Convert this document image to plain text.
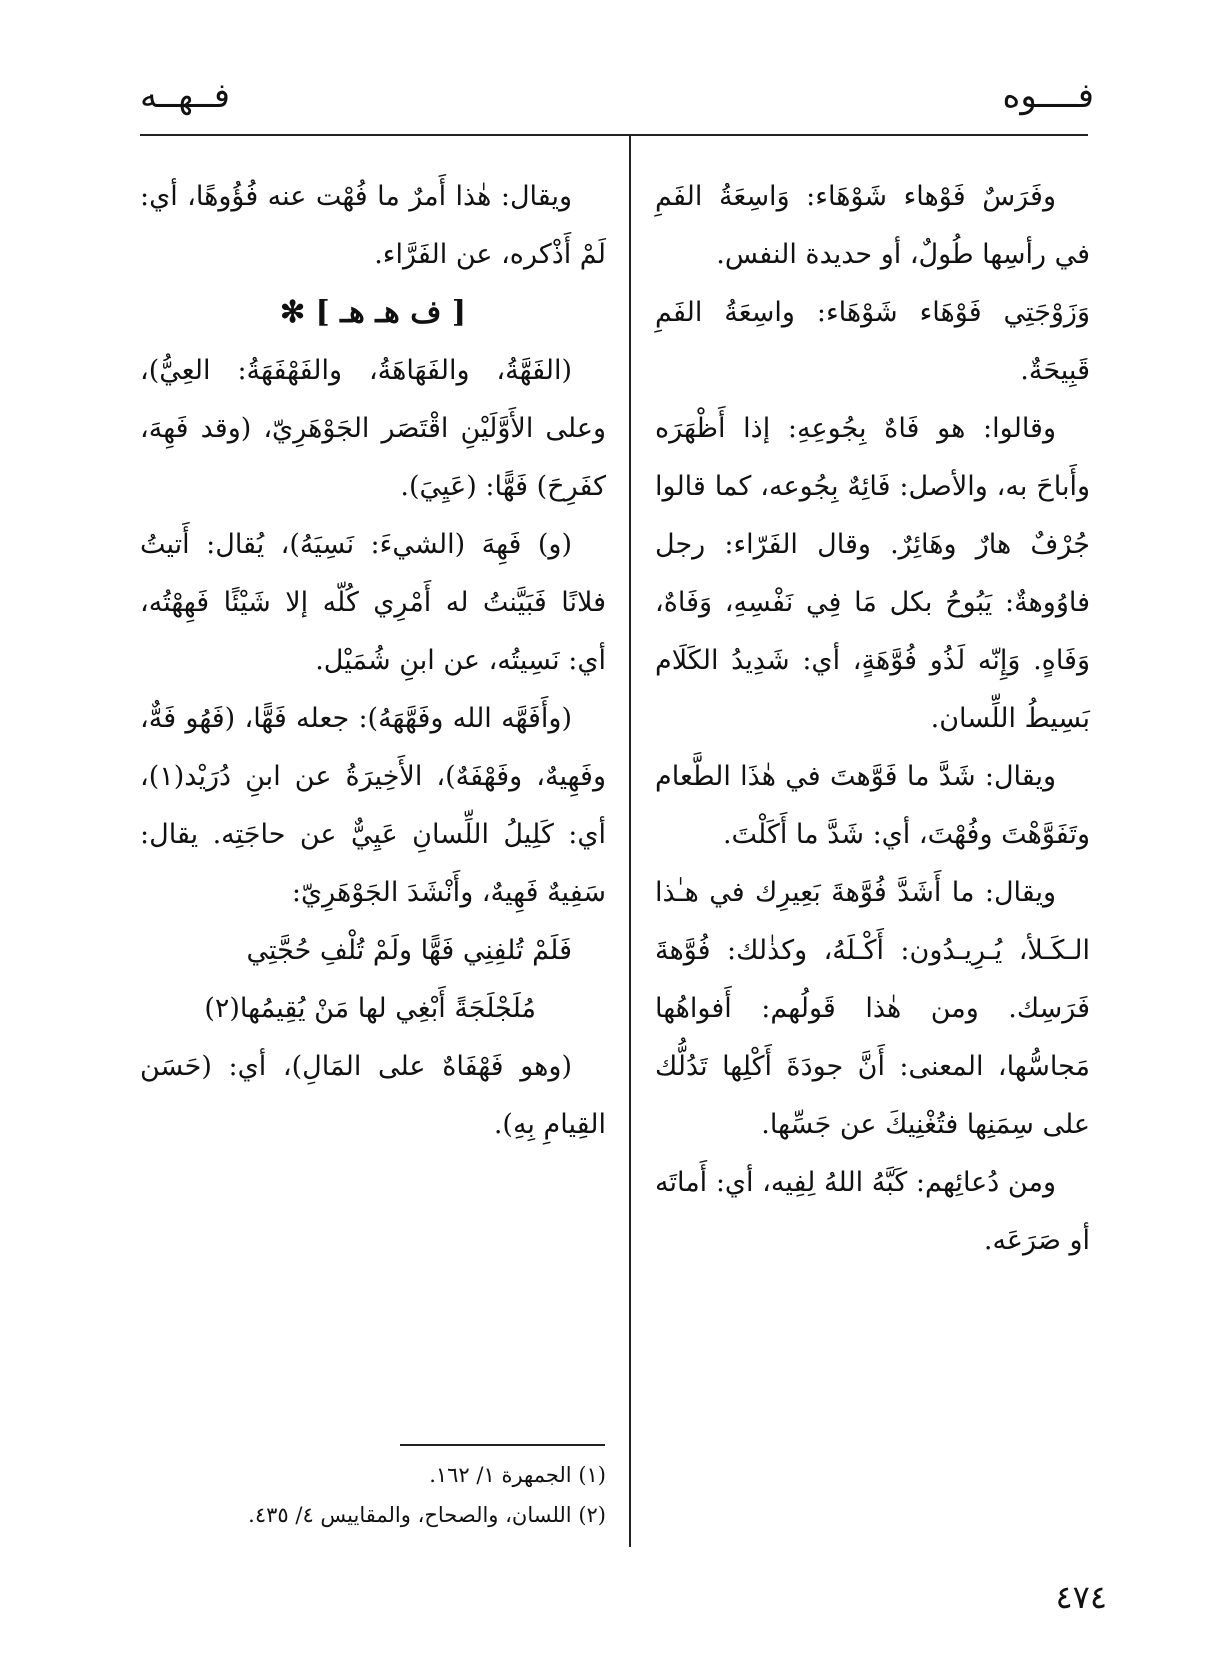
فــــوه
فــهــه

وفَرَسٌ فَوْهاء شَوْهَاء: وَاسِعَةُ الفَمِ في رأسِها طُولٌ، أو حديدة النفس.

وَزَوْجَتِي فَوْهَاء شَوْهَاء: واسِعَةُ الفَمِ قَبِيحَةٌ.

وقالوا: هو فَاهٌ بِجُوعِهِ: إذا أَظْهَرَه وأَباحَ به، والأصل: فَائِهٌ بِجُوعه، كما قالوا جُرْفٌ هارٌ وهَائِرٌ. وقال الفَرّاء: رجل فاوُوهةٌ: يَبُوحُ بكل مَا فِي نَفْسِهِ، وَفَاهٌ، وَفَاهٍ. وَإِنّه لَذُو فُوَّهَةٍ، أي: شَدِيدُ الكَلَام بَسِيطُ اللِّسان.

ويقال: شَدَّ ما فَوَّهتَ في هٰذَا الطَّعام وتَفَوَّهْتَ وفُهْتَ، أي: شَدَّ ما أَكَلْتَ.

ويقال: ما أَشَدَّ فُوَّهةَ بَعِيرِك في هـٰذا الـكَـلأ، يُـرِيـدُون: أَكْـلَهُ، وكذٰلك: فُوَّهةَ فَرَسِك. ومن هٰذا قَولُهم: أَفواهُها مَجاسُّها، المعنى: أَنَّ جودَةَ أَكْلِها تَدُلُّك على سِمَنِها فتُغْنِيكَ عن جَسِّها.

ومن دُعائِهم: كَبَّهُ اللهُ لِفِيه، أي: أَماتَه أو صَرَعَه.

ويقال: هٰذا أَمرٌ ما فُهْت عنه فُؤُوهًا، أي: لَمْ أَذْكره، عن الفَرَّاء.

[ ف هـ هـ ] ✻

(الفَهَّةُ، والفَهَاهَةُ، والفَهْفَهَةُ: العِيُّ)، وعلى الأَوَّلَيْنِ اقْتَصَر الجَوْهَرِيّ، (وقد فَهِهَ، كفَرِحَ) فَهًّا: (عَيِيَ).

(و) فَهِهَ (الشيءَ: نَسِيَهُ)، يُقال: أَتيتُ فلانًا فَبَيَّنتُ له أَمْرِي كُلّه إلا شَيْئًا فَهِهْتُه، أي: نَسِيتُه، عن ابنِ شُمَيْل.

(وأَفَهَّه الله وفَهَّهَهُ): جعله فَهًّا، (فَهُو فَهٌّ، وفَهِيهٌ، وفَهْفَهٌ)، الأَخِيرَةُ عن ابنِ دُرَيْد(١)، أي: كَلِيلُ اللِّسانِ عَيِيٌّ عن حاجَتِه. يقال: سَفِيهٌ فَهِيهٌ، وأَنْشَدَ الجَوْهَرِيّ:

فَلَمْ تُلفِنِي فَهًّا ولَمْ تُلْفِ حُجَّتِي

مُلَجْلَجَةً أَبْغِي لها مَنْ يُقِيمُها(٢)

(وهو فَهْفَاهٌ على المَالِ)، أي: (حَسَن القِيامِ بِهِ).

(١) الجمهرة ١/ ١٦٢.

(٢) اللسان، والصحاح، والمقاييس ٤/ ٤٣٥.

٤٧٤
